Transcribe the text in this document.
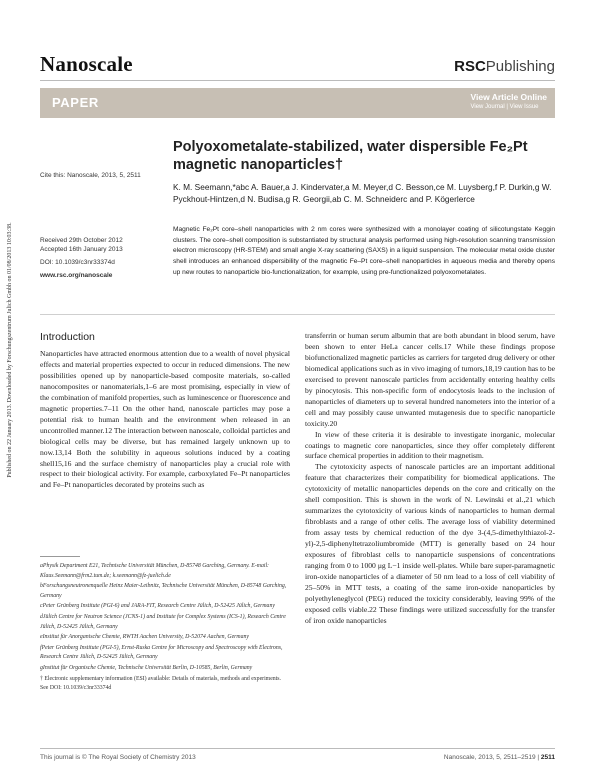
Nanoscale	RSCPublishing
PAPER	View Article Online
View Journal | View Issue
Published on 22 January 2013. Downloaded by Forschungszentrum Julich Gmbh on 01/08/2013 10:03:38.
Cite this: Nanoscale, 2013, 5, 2511
Received 29th October 2012
Accepted 16th January 2013
DOI: 10.1039/c3nr33374d
www.rsc.org/nanoscale
Polyoxometalate-stabilized, water dispersible Fe₂Pt magnetic nanoparticles†
K. M. Seemann,*abc A. Bauer,a J. Kindervater,a M. Meyer,d C. Besson,ce M. Luysberg,f P. Durkin,g W. Pyckhout-Hintzen,d N. Budisa,g R. Georgii,ab C. M. Schneiderc and P. Kögerlerce
Magnetic Fe₂Pt core–shell nanoparticles with 2 nm cores were synthesized with a monolayer coating of silicotungstate Keggin clusters. The core–shell composition is substantiated by structural analysis performed using high-resolution scanning transmission electron microscopy (HR-STEM) and small angle X-ray scattering (SAXS) in a liquid suspension. The molecular metal oxide cluster shell introduces an enhanced dispersibility of the magnetic Fe–Pt core–shell nanoparticles in aqueous media and thereby opens up new routes to nanoparticle bio-functionalization, for example, using pre-functionalized polyoxometalates.
Introduction

Nanoparticles have attracted enormous attention due to a wealth of novel physical effects and material properties expected to occur in reduced dimensions. The new possibilities opened up by nanoparticle-based composite materials, so-called nanocomposites or nanomaterials,1–6 are most promising, especially in view of the combination of manifold properties, such as luminescence or fluorescence and magnetic properties.7–11 On the other hand, nanoscale particles may pose a potential risk to human health and the environment when released in an uncontrolled manner.12 The interaction between nanoscale, colloidal particles and biological cells may be diverse, but has remained largely unknown up to now.13,14 Both the solubility in aqueous solutions induced by a coating shell15,16 and the surface chemistry of nanoparticles play a crucial role with respect to their biological activity. For example, carboxylated Fe–Pt nanoparticles and Fe–Pt nanoparticles decorated by proteins such as

transferrin or human serum albumin that are both abundant in blood serum, have been shown to enter HeLa cancer cells.17 While these findings propose biofunctionalized magnetic particles as carriers for targeted drug delivery or other biomedical applications such as in vivo imaging of tumors,18,19 caution has to be exercised to prevent nanoscale particles from accidentally entering healthy cells by pinocytosis. This non-specific form of endocytosis leads to the inclusion of nanoparticles of diameters up to several hundred nanometers into the interior of a cell and may possibly cause unwanted mutagenesis due to specific nanoparticle toxicity.20

In view of these criteria it is desirable to investigate inorganic, molecular coatings to magnetic core nanoparticles, since they offer completely different surface chemical properties in addition to their magnetism.

The cytotoxicity aspects of nanoscale particles are an important additional feature that characterizes their compatibility for biomedical applications. The cytotoxicity of metallic nanoparticles depends on the core and critically on the shell composition. This is shown in the work of N. Lewinski et al.,21 which summarizes the cytotoxicity of various kinds of nanoparticles to human dermal fibroblasts and a range of other cells. The average loss of viability determined from assay tests by chemical reduction of the dye 3-(4,5-dimethylthiazol-2-yl)-2,5-diphenyltetrazoliumbromide (MTT) is generally based on 24 hour exposures of fibroblast cells to nanoparticle suspensions of concentrations ranging from 0 to 1000 μg L−1 inside well-plates. While bare super-paramagnetic iron-oxide nanoparticles of a diameter of 50 nm lead to a loss of cell viability of 25–50% in MTT tests, a coating of the same iron-oxide nanoparticles by polyethyleneglycol (PEG) reduced the toxicity considerably, leaving 99% of the exposed cells viable.22 These findings were utilized successfully for the transfer of iron oxide nanoparticles

aPhysik Department E21, Technische Universität München, D-85748 Garching, Germany. E-mail: Klaus.Seemann@frm2.tum.de; k.seemann@fz-juelich.de
bForschungsneutronenquelle Heinz Maier-Leibnitz, Technische Universität München, D-85748 Garching, Germany
cPeter Grünberg Institute (PGI-6) and JARA-FIT, Research Centre Jülich, D-52425 Jülich, Germany
dJülich Centre for Neutron Science (JCNS-1) and Institute for Complex Systems (ICS-1), Research Centre Jülich, D-52425 Jülich, Germany
eInstitut für Anorganische Chemie, RWTH Aachen University, D-52074 Aachen, Germany
fPeter Grünberg Institute (PGI-5), Ernst-Ruska Centre for Microscopy and Spectroscopy with Electrons, Research Centre Jülich, D-52425 Jülich, Germany
gInstitut für Organische Chemie, Technische Universität Berlin, D-10585, Berlin, Germany
† Electronic supplementary information (ESI) available: Details of materials, methods and experiments. See DOI: 10.1039/c3nr33374d
This journal is © The Royal Society of Chemistry 2013	Nanoscale, 2013, 5, 2511–2519 | 2511
